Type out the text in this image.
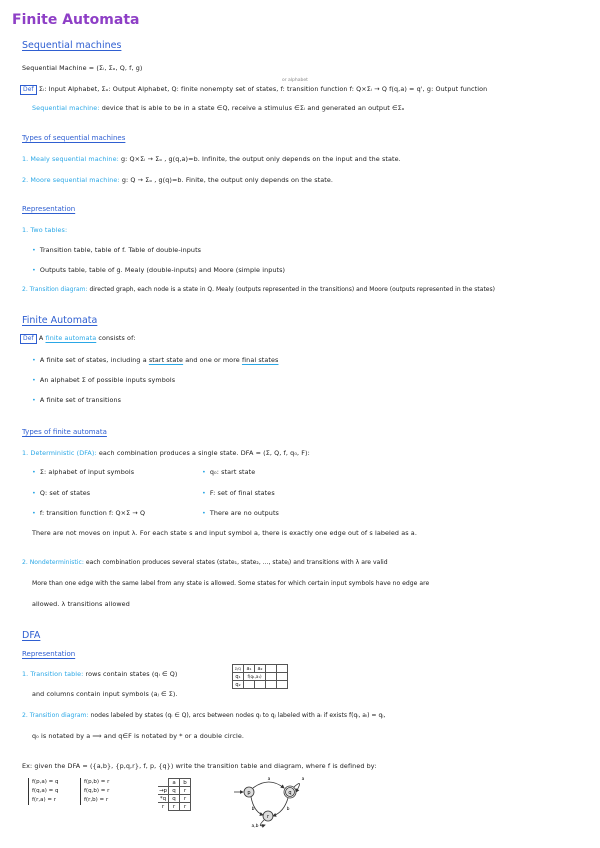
Finite Automata
Sequential machines
Sequential Machine = (Σᵢ, Σₒ, Q, f, g)
or alphabet
Def Σᵢ: Input Alphabet, Σₒ: Output Alphabet, Q: finite nonempty set of states, f: transition function f: Q×Σᵢ → Q f(q,a) = q', g: Output function
Sequential machine: device that is able to be in a state ∈Q, receive a stimulus ∈Σᵢ and generated an output ∈Σₒ
Types of sequential machines
1. Mealy sequential machine: g: Q×Σᵢ → Σₒ , g(q,a)=b. Infinite, the output only depends on the input and the state.
2. Moore sequential machine: g: Q → Σₒ , g(q)=b. Finite, the output only depends on the state.
Representation
1. Two tables:
• Transition table, table of f. Table of double-inputs
• Outputs table, table of g. Mealy (double-inputs) and Moore (simple inputs)
2. Transition diagram: directed graph, each node is a state in Q. Mealy (outputs represented in the transitions) and Moore (outputs represented in the states)
Finite Automata
Def A finite automata consists of:
• A finite set of states, including a start state and one or more final states
• An alphabet Σ of possible inputs symbols
• A finite set of transitions
Types of finite automata
1. Deterministic (DFA): each combination produces a single state. DFA = (Σ, Q, f, q₀, F):
• Σ: alphabet of input symbols	• q₀: start state
• Q: set of states	• F: set of final states
• f: transition function f: Q×Σ → Q	• There are no outputs
There are not moves on input λ. For each state s and input symbol a, there is exactly one edge out of s labeled as a.
2. Nondeterministic: each combination produces several states (state₁, state₂, ..., stateⱼ) and transitions with λ are valid
More than one edge with the same label from any state is allowed. Some states for which certain input symbols have no edge are
allowed. λ transitions allowed
DFA
Representation
1. Transition table: rows contain states (qᵢ ∈ Q)
and columns contain input symbols (aⱼ ∈ Σ).
Σ/Q	a₁	a₂		
q₁	f(q₁,a₁)			
q₂				
2. Transition diagram: nodes labeled by states (qᵢ ∈ Q), arcs between nodes qᵢ to qⱼ labeled with aᵢ if exists f(qᵢ, aᵢ) = qⱼ,
q₀ is notated by a ⟹ and q∈F is notated by * or a double circle.
Ex: given the DFA = ({a,b}, {p,q,r}, f, p, {q}) write the transition table and diagram, where f is defined by:
f(p,a) = q
f(q,a) = q
f(r,a) = r
f(p,b) = r
f(q,b) = r
f(r,b) = r
	a	b
→p	q	r
*q	q	r
r	r	r
p	q
r
a
b
a
b
a,b
